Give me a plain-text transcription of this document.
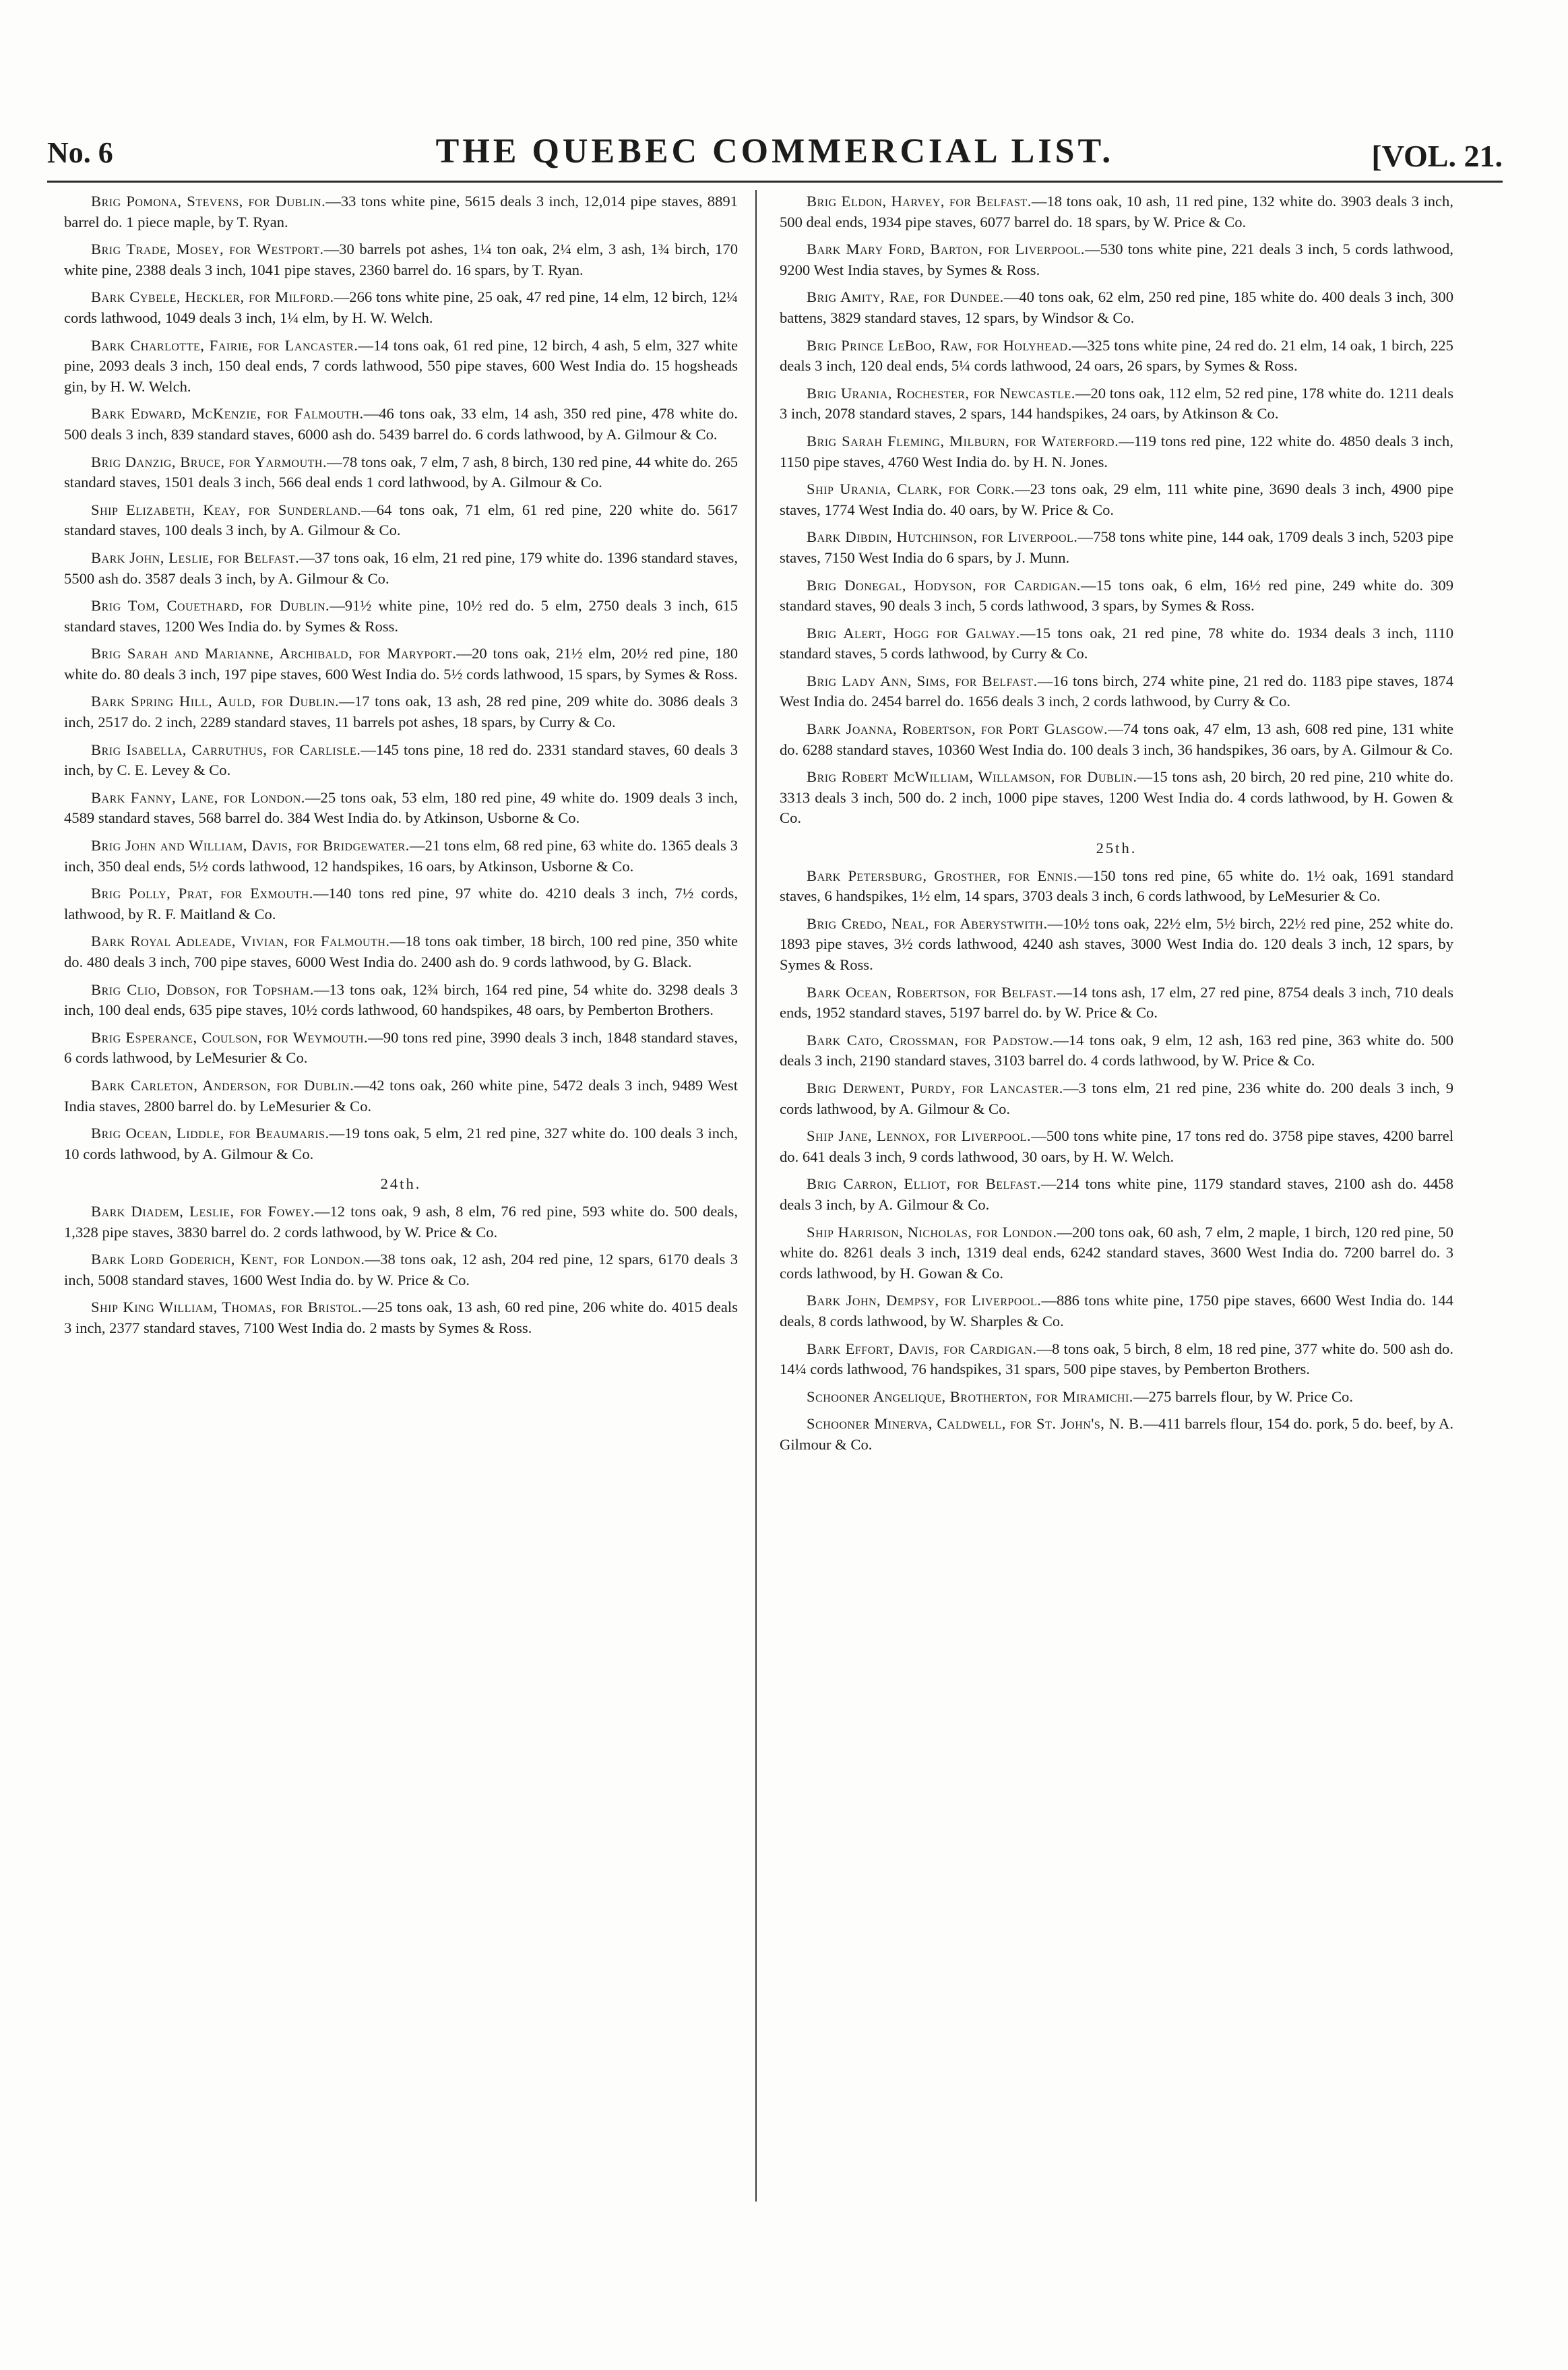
No. 6	THE QUEBEC COMMERCIAL LIST.	[VOL. 21.

Brig Pomona, Stevens, for Dublin.—33 tons white pine, 5615 deals 3 inch, 12,014 pipe staves, 8891 barrel do. 1 piece maple, by T. Ryan.

Brig Trade, Mosey, for Westport.—30 barrels pot ashes, 1¼ ton oak, 2¼ elm, 3 ash, 1¾ birch, 170 white pine, 2388 deals 3 inch, 1041 pipe staves, 2360 barrel do. 16 spars, by T. Ryan.

Bark Cybele, Heckler, for Milford.—266 tons white pine, 25 oak, 47 red pine, 14 elm, 12 birch, 12¼ cords lathwood, 1049 deals 3 inch, 1¼ elm, by H. W. Welch.

Bark Charlotte, Fairie, for Lancaster.—14 tons oak, 61 red pine, 12 birch, 4 ash, 5 elm, 327 white pine, 2093 deals 3 inch, 150 deal ends, 7 cords lathwood, 550 pipe staves, 600 West India do. 15 hogsheads gin, by H. W. Welch.

Bark Edward, McKenzie, for Falmouth.—46 tons oak, 33 elm, 14 ash, 350 red pine, 478 white do. 500 deals 3 inch, 839 standard staves, 6000 ash do. 5439 barrel do. 6 cords lathwood, by A. Gilmour & Co.

Brig Danzig, Bruce, for Yarmouth.—78 tons oak, 7 elm, 7 ash, 8 birch, 130 red pine, 44 white do. 265 standard staves, 1501 deals 3 inch, 566 deal ends 1 cord lathwood, by A. Gilmour & Co.

Ship Elizabeth, Keay, for Sunderland.—64 tons oak, 71 elm, 61 red pine, 220 white do. 5617 standard staves, 100 deals 3 inch, by A. Gilmour & Co.

Bark John, Leslie, for Belfast.—37 tons oak, 16 elm, 21 red pine, 179 white do. 1396 standard staves, 5500 ash do. 3587 deals 3 inch, by A. Gilmour & Co.

Brig Tom, Couethard, for Dublin.—91½ white pine, 10½ red do. 5 elm, 2750 deals 3 inch, 615 standard staves, 1200 Wes India do. by Symes & Ross.

Brig Sarah and Marianne, Archibald, for Maryport.—20 tons oak, 21½ elm, 20½ red pine, 180 white do. 80 deals 3 inch, 197 pipe staves, 600 West India do. 5½ cords lathwood, 15 spars, by Symes & Ross.

Bark Spring Hill, Auld, for Dublin.—17 tons oak, 13 ash, 28 red pine, 209 white do. 3086 deals 3 inch, 2517 do. 2 inch, 2289 standard staves, 11 barrels pot ashes, 18 spars, by Curry & Co.

Brig Isabella, Carruthus, for Carlisle.—145 tons pine, 18 red do. 2331 standard staves, 60 deals 3 inch, by C. E. Levey & Co.

Bark Fanny, Lane, for London.—25 tons oak, 53 elm, 180 red pine, 49 white do. 1909 deals 3 inch, 4589 standard staves, 568 barrel do. 384 West India do. by Atkinson, Usborne & Co.

Brig John and William, Davis, for Bridgewater.—21 tons elm, 68 red pine, 63 white do. 1365 deals 3 inch, 350 deal ends, 5½ cords lathwood, 12 handspikes, 16 oars, by Atkinson, Usborne & Co.

Brig Polly, Prat, for Exmouth.—140 tons red pine, 97 white do. 4210 deals 3 inch, 7½ cords, lathwood, by R. F. Maitland & Co.

Bark Royal Adleade, Vivian, for Falmouth.—18 tons oak timber, 18 birch, 100 red pine, 350 white do. 480 deals 3 inch, 700 pipe staves, 6000 West India do. 2400 ash do. 9 cords lathwood, by G. Black.

Brig Clio, Dobson, for Topsham.—13 tons oak, 12¾ birch, 164 red pine, 54 white do. 3298 deals 3 inch, 100 deal ends, 635 pipe staves, 10½ cords lathwood, 60 handspikes, 48 oars, by Pemberton Brothers.

Brig Esperance, Coulson, for Weymouth.—90 tons red pine, 3990 deals 3 inch, 1848 standard staves, 6 cords lathwood, by LeMesurier & Co.

Bark Carleton, Anderson, for Dublin.—42 tons oak, 260 white pine, 5472 deals 3 inch, 9489 West India staves, 2800 barrel do. by LeMesurier & Co.

Brig Ocean, Liddle, for Beaumaris.—19 tons oak, 5 elm, 21 red pine, 327 white do. 100 deals 3 inch, 10 cords lathwood, by A. Gilmour & Co.

24th.

Bark Diadem, Leslie, for Fowey.—12 tons oak, 9 ash, 8 elm, 76 red pine, 593 white do. 500 deals, 1,328 pipe staves, 3830 barrel do. 2 cords lathwood, by W. Price & Co.

Bark Lord Goderich, Kent, for London.—38 tons oak, 12 ash, 204 red pine, 12 spars, 6170 deals 3 inch, 5008 standard staves, 1600 West India do. by W. Price & Co.

Ship King William, Thomas, for Bristol.—25 tons oak, 13 ash, 60 red pine, 206 white do. 4015 deals 3 inch, 2377 standard staves, 7100 West India do. 2 masts by Symes & Ross.

Brig Eldon, Harvey, for Belfast.—18 tons oak, 10 ash, 11 red pine, 132 white do. 3903 deals 3 inch, 500 deal ends, 1934 pipe staves, 6077 barrel do. 18 spars, by W. Price & Co.

Bark Mary Ford, Barton, for Liverpool.—530 tons white pine, 221 deals 3 inch, 5 cords lathwood, 9200 West India staves, by Symes & Ross.

Brig Amity, Rae, for Dundee.—40 tons oak, 62 elm, 250 red pine, 185 white do. 400 deals 3 inch, 300 battens, 3829 standard staves, 12 spars, by Windsor & Co.

Brig Prince LeBoo, Raw, for Holyhead.—325 tons white pine, 24 red do. 21 elm, 14 oak, 1 birch, 225 deals 3 inch, 120 deal ends, 5¼ cords lathwood, 24 oars, 26 spars, by Symes & Ross.

Brig Urania, Rochester, for Newcastle.—20 tons oak, 112 elm, 52 red pine, 178 white do. 1211 deals 3 inch, 2078 standard staves, 2 spars, 144 handspikes, 24 oars, by Atkinson & Co.

Brig Sarah Fleming, Milburn, for Waterford.—119 tons red pine, 122 white do. 4850 deals 3 inch, 1150 pipe staves, 4760 West India do. by H. N. Jones.

Ship Urania, Clark, for Cork.—23 tons oak, 29 elm, 111 white pine, 3690 deals 3 inch, 4900 pipe staves, 1774 West India do. 40 oars, by W. Price & Co.

Bark Dibdin, Hutchinson, for Liverpool.—758 tons white pine, 144 oak, 1709 deals 3 inch, 5203 pipe staves, 7150 West India do 6 spars, by J. Munn.

Brig Donegal, Hodyson, for Cardigan.—15 tons oak, 6 elm, 16½ red pine, 249 white do. 309 standard staves, 90 deals 3 inch, 5 cords lathwood, 3 spars, by Symes & Ross.

Brig Alert, Hogg for Galway.—15 tons oak, 21 red pine, 78 white do. 1934 deals 3 inch, 1110 standard staves, 5 cords lathwood, by Curry & Co.

Brig Lady Ann, Sims, for Belfast.—16 tons birch, 274 white pine, 21 red do. 1183 pipe staves, 1874 West India do. 2454 barrel do. 1656 deals 3 inch, 2 cords lathwood, by Curry & Co.

Bark Joanna, Robertson, for Port Glasgow.—74 tons oak, 47 elm, 13 ash, 608 red pine, 131 white do. 6288 standard staves, 10360 West India do. 100 deals 3 inch, 36 handspikes, 36 oars, by A. Gilmour & Co.

Brig Robert McWilliam, Willamson, for Dublin.—15 tons ash, 20 birch, 20 red pine, 210 white do. 3313 deals 3 inch, 500 do. 2 inch, 1000 pipe staves, 1200 West India do. 4 cords lathwood, by H. Gowen & Co.

25th.

Bark Petersburg, Grosther, for Ennis.—150 tons red pine, 65 white do. 1½ oak, 1691 standard staves, 6 handspikes, 1½ elm, 14 spars, 3703 deals 3 inch, 6 cords lathwood, by LeMesurier & Co.

Brig Credo, Neal, for Aberystwith.—10½ tons oak, 22½ elm, 5½ birch, 22½ red pine, 252 white do. 1893 pipe staves, 3½ cords lathwood, 4240 ash staves, 3000 West India do. 120 deals 3 inch, 12 spars, by Symes & Ross.

Bark Ocean, Robertson, for Belfast.—14 tons ash, 17 elm, 27 red pine, 8754 deals 3 inch, 710 deals ends, 1952 standard staves, 5197 barrel do. by W. Price & Co.

Bark Cato, Crossman, for Padstow.—14 tons oak, 9 elm, 12 ash, 163 red pine, 363 white do. 500 deals 3 inch, 2190 standard staves, 3103 barrel do. 4 cords lathwood, by W. Price & Co.

Brig Derwent, Purdy, for Lancaster.—3 tons elm, 21 red pine, 236 white do. 200 deals 3 inch, 9 cords lathwood, by A. Gilmour & Co.

Ship Jane, Lennox, for Liverpool.—500 tons white pine, 17 tons red do. 3758 pipe staves, 4200 barrel do. 641 deals 3 inch, 9 cords lathwood, 30 oars, by H. W. Welch.

Brig Carron, Elliot, for Belfast.—214 tons white pine, 1179 standard staves, 2100 ash do. 4458 deals 3 inch, by A. Gilmour & Co.

Ship Harrison, Nicholas, for London.—200 tons oak, 60 ash, 7 elm, 2 maple, 1 birch, 120 red pine, 50 white do. 8261 deals 3 inch, 1319 deal ends, 6242 standard staves, 3600 West India do. 7200 barrel do. 3 cords lathwood, by H. Gowan & Co.

Bark John, Dempsy, for Liverpool.—886 tons white pine, 1750 pipe staves, 6600 West India do. 144 deals, 8 cords lathwood, by W. Sharples & Co.

Bark Effort, Davis, for Cardigan.—8 tons oak, 5 birch, 8 elm, 18 red pine, 377 white do. 500 ash do. 14¼ cords lathwood, 76 handspikes, 31 spars, 500 pipe staves, by Pemberton Brothers.

Schooner Angelique, Brotherton, for Miramichi.—275 barrels flour, by W. Price Co.

Schooner Minerva, Caldwell, for St. John's, N. B.—411 barrels flour, 154 do. pork, 5 do. beef, by A. Gilmour & Co.
